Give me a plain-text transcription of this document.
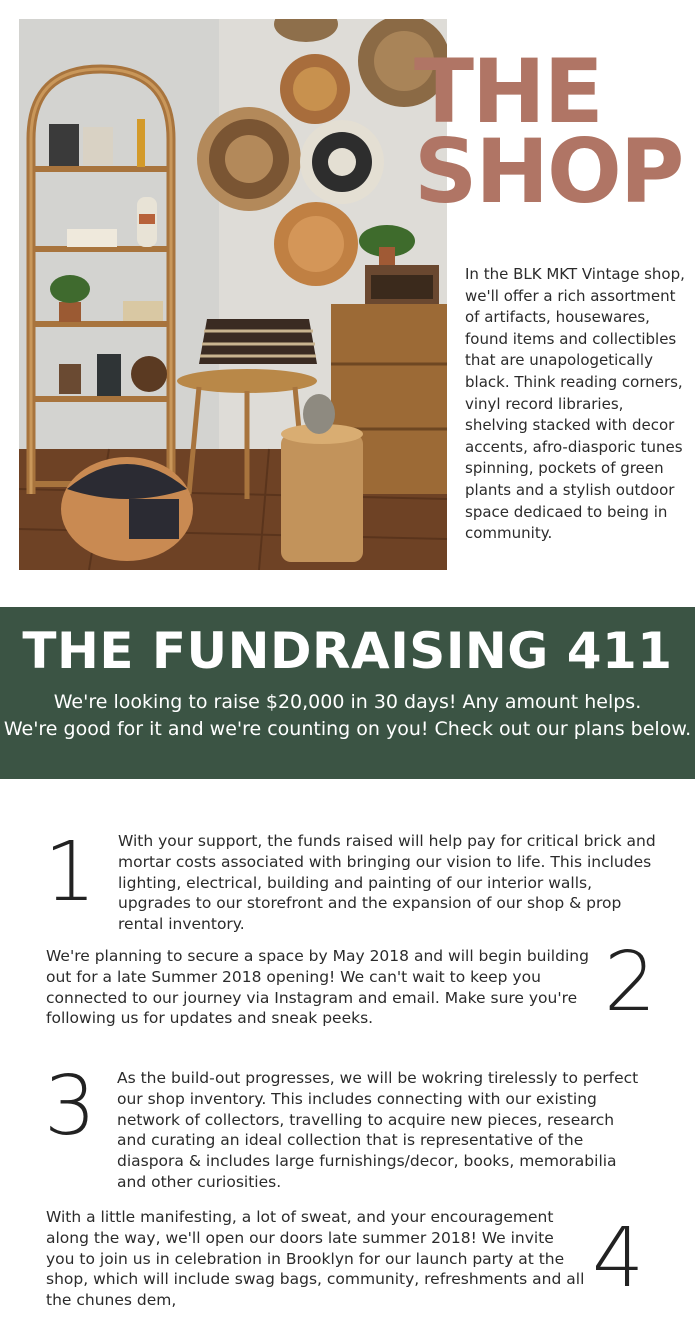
THE
SHOP

In the BLK MKT Vintage shop, we'll offer a rich assortment of artifacts, housewares, found items and collectibles that are unapologetically black. Think reading corners, vinyl record libraries, shelving stacked with decor accents, afro-diasporic tunes spinning, pockets of green plants and a stylish outdoor space dedicaed to being in community.

THE FUNDRAISING 411

We're looking to raise $20,000 in 30 days! Any amount helps.
We're good for it and we're counting on you! Check out our plans below.

1 With your support, the funds raised will help pay for critical brick and mortar costs associated with bringing our vision to life. This includes lighting, electrical, building and painting of our interior walls, upgrades to our storefront and the expansion of our shop & prop rental inventory.

We're planning to secure a space by May 2018 and will begin building out for a late Summer 2018 opening! We can't wait to keep you connected to our journey via Instagram and email. Make sure you're following us for updates and sneak peeks.	2

3 As the build-out progresses, we will be wokring tirelessly to perfect our shop inventory. This includes connecting with our existing network of collectors, travelling to acquire new pieces, research and curating an ideal collection that is representative of the diaspora & includes large furnishings/decor, books, memorabilia and other curiosities.

With a little manifesting, a lot of sweat, and your encouragement along the way, we'll open our doors late summer 2018! We invite you to join us in celebration in Brooklyn for our launch party at the shop, which will include swag bags, community, refreshments and all the chunes dem,	4
